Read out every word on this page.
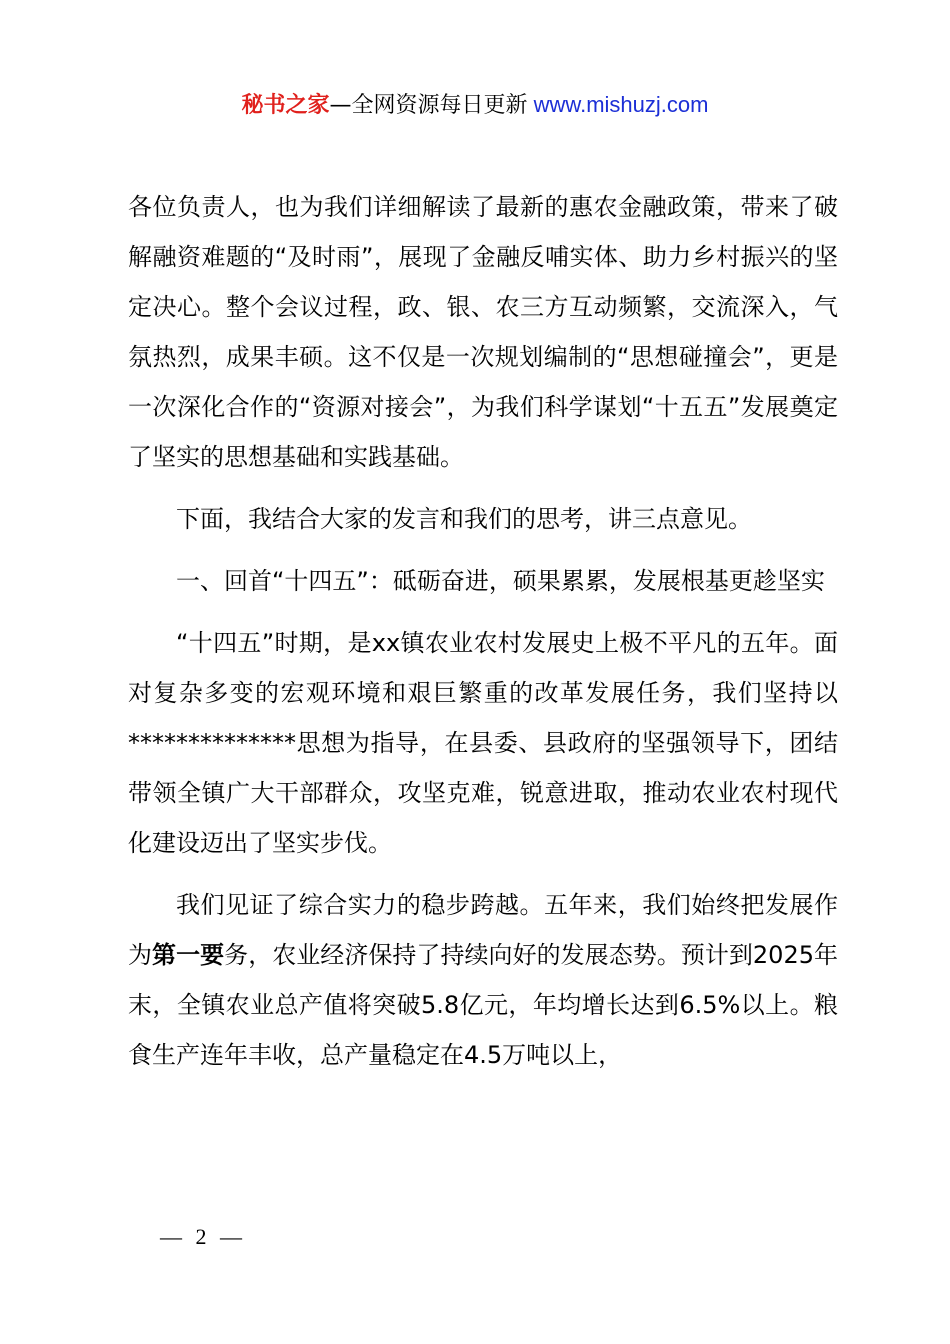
秘书之家—全网资源每日更新 www.mishuzj.com

各位负责人，也为我们详细解读了最新的惠农金融政策，带来了破解融资难题的“及时雨”，展现了金融反哺实体、助力乡村振兴的坚定决心。整个会议过程，政、银、农三方互动频繁，交流深入，气氛热烈，成果丰硕。这不仅是一次规划编制的“思想碰撞会”，更是一次深化合作的“资源对接会”，为我们科学谋划“十五五”发展奠定了坚实的思想基础和实践基础。

下面，我结合大家的发言和我们的思考，讲三点意见。

一、回首“十四五”：砥砺奋进，硕果累累，发展根基更趁坚实

“十四五”时期，是xx镇农业农村发展史上极不平凡的五年。面对复杂多变的宏观环境和艰巨繁重的改革发展任务，我们坚持以**************思想为指导，在县委、县政府的坚强领导下，团结带领全镇广大干部群众，攻坚克难，锐意进取，推动农业农村现代化建设迈出了坚实步伐。

我们见证了综合实力的稳步跨越。五年来，我们始终把发展作为第一要务，农业经济保持了持续向好的发展态势。预计到2025年末，全镇农业总产值将突破5.8亿元，年均增长达到6.5%以上。粮食生产连年丰收，总产量稳定在4.5万吨以上，

— 2 —
